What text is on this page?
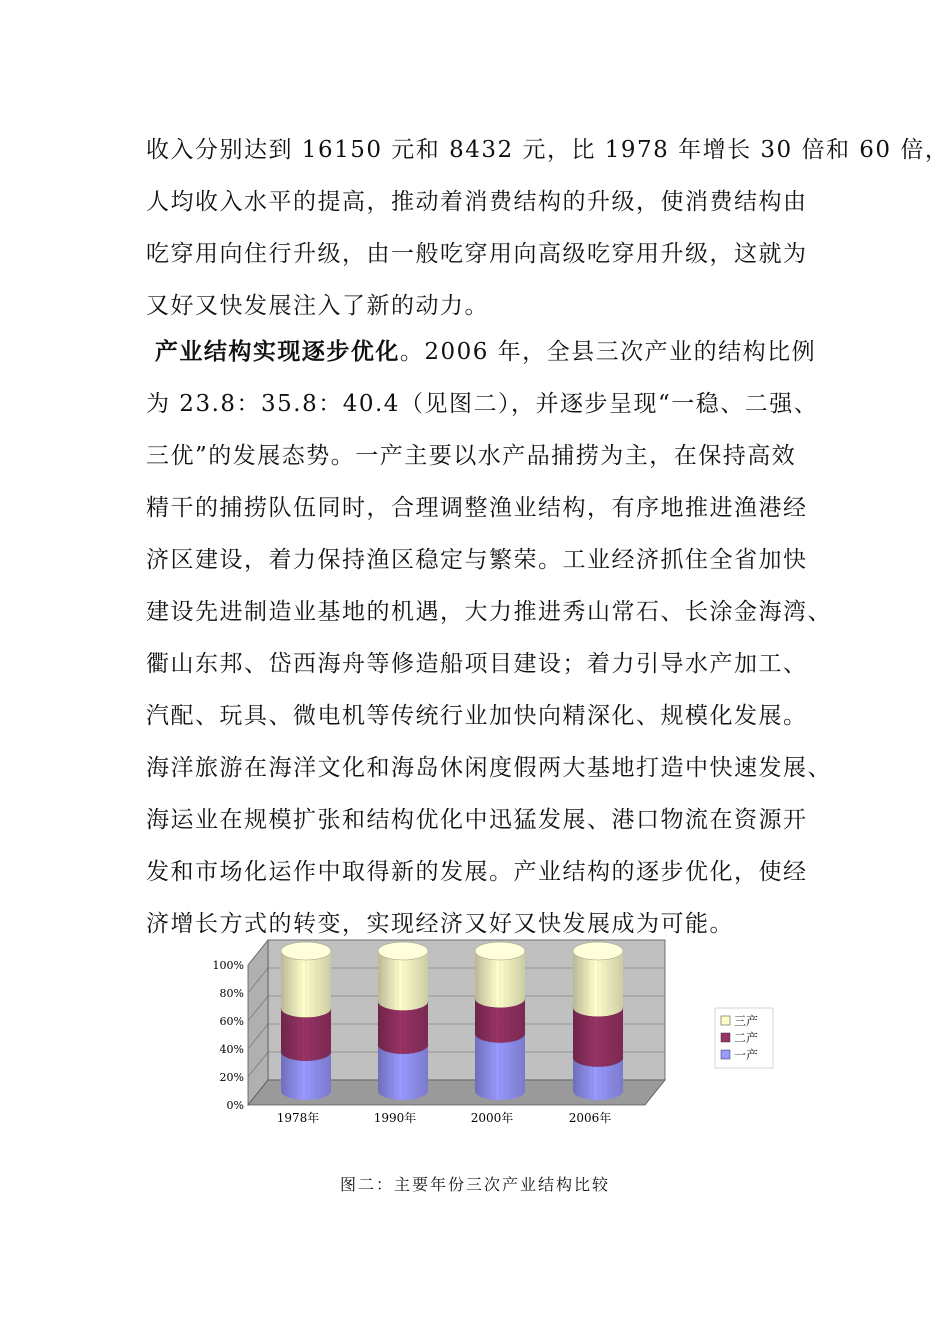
收入分别达到 16150 元和 8432 元，比 1978 年增长 30 倍和 60 倍，
人均收入水平的提高，推动着消费结构的升级，使消费结构由
吃穿用向住行升级，由一般吃穿用向高级吃穿用升级，这就为
又好又快发展注入了新的动力。
产业结构实现逐步优化。2006 年，全县三次产业的结构比例
为 23.8：35.8：40.4（见图二），并逐步呈现“一稳、二强、
三优”的发展态势。一产主要以水产品捕捞为主，在保持高效
精干的捕捞队伍同时，合理调整渔业结构，有序地推进渔港经
济区建设，着力保持渔区稳定与繁荣。工业经济抓住全省加快
建设先进制造业基地的机遇，大力推进秀山常石、长涂金海湾、
衢山东邦、岱西海舟等修造船项目建设；着力引导水产加工、
汽配、玩具、微电机等传统行业加快向精深化、规模化发展。
海洋旅游在海洋文化和海岛休闲度假两大基地打造中快速发展、
海运业在规模扩张和结构优化中迅猛发展、港口物流在资源开
发和市场化运作中取得新的发展。产业结构的逐步优化，使经
济增长方式的转变，实现经济又好又快发展成为可能。
0%
20%
40%
60%
80%
100%
1978年	1990年	2000年	2006年
三产
二产
一产
图二：主要年份三次产业结构比较
